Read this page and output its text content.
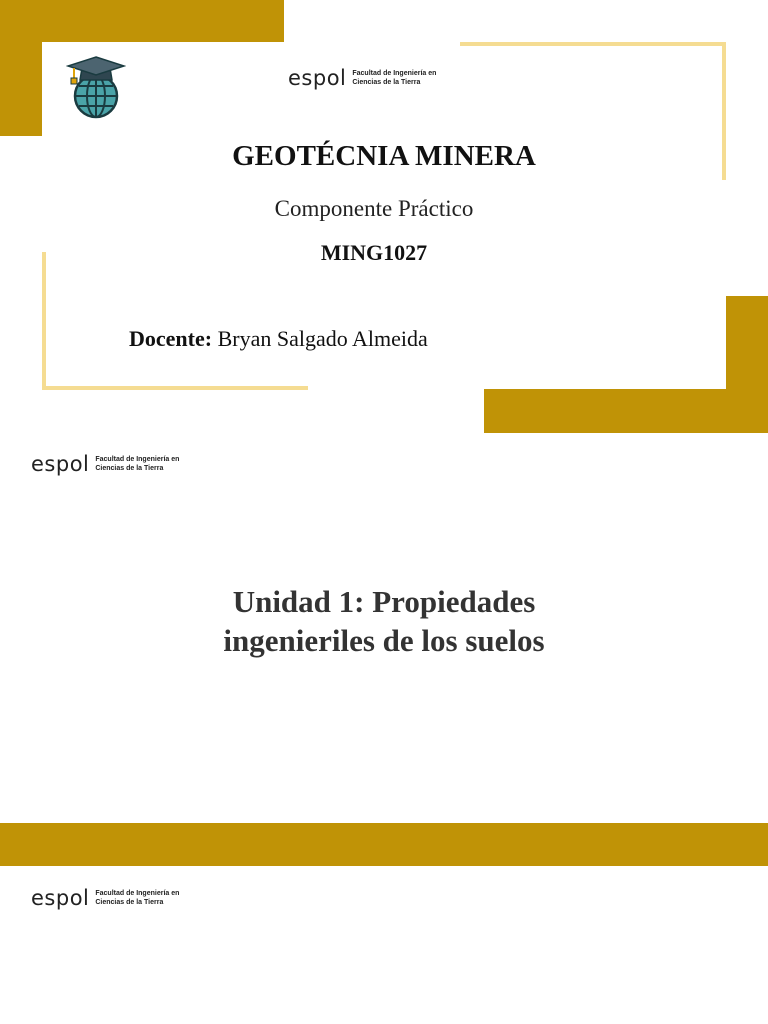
espol Facultad de Ingeniería en
Ciencias de la Tierra
GEOTÉCNIA MINERA
Componente Práctico
MING1027
Docente: Bryan Salgado Almeida
espol Facultad de Ingeniería en
Ciencias de la Tierra
Unidad 1: Propiedades
ingenieriles de los suelos
espol Facultad de Ingeniería en
Ciencias de la Tierra
